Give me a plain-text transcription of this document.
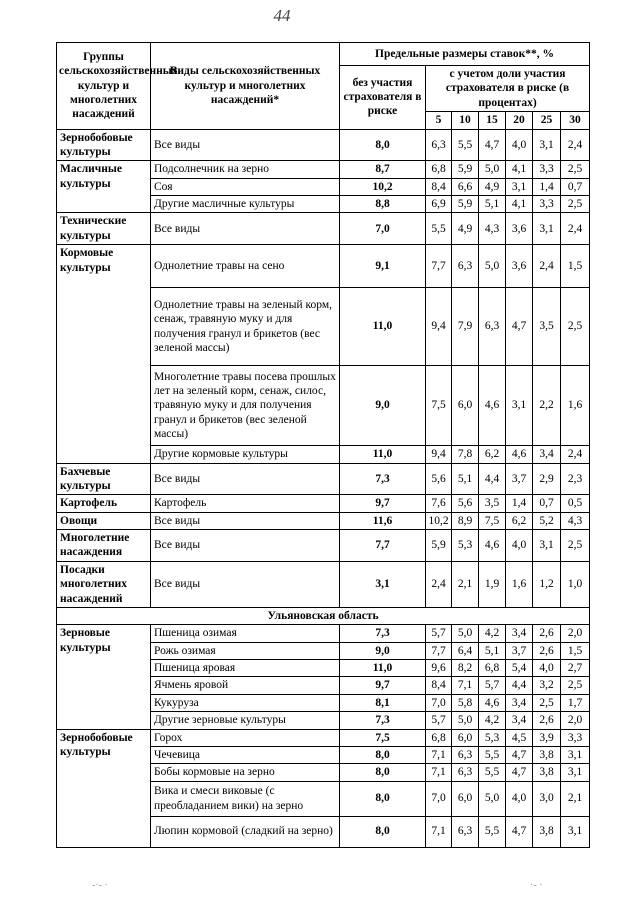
44
Группы сельскохозяйственных культур и многолетних насаждений	Виды сельскохозяйственных культур и многолетних насаждений*	Предельные размеры ставок**, %						
		без участия страхователя в риске	с учетом доли участия страхователя в риске (в процентах)					
			5	10	15	20	25	30
Зернобобовые культуры	Все виды	8,0	6,3	5,5	4,7	4,0	3,1	2,4
Масличные культуры	Подсолнечник на зерно	8,7	6,8	5,9	5,0	4,1	3,3	2,5
	Соя	10,2	8,4	6,6	4,9	3,1	1,4	0,7
	Другие масличные культуры	8,8	6,9	5,9	5,1	4,1	3,3	2,5
Технические культуры	Все виды	7,0	5,5	4,9	4,3	3,6	3,1	2,4
Кормовые культуры	Однолетние травы на сено	9,1	7,7	6,3	5,0	3,6	2,4	1,5
	Однолетние травы на зеленый корм, сенаж, травяную муку и для получения гранул и брикетов (вес зеленой массы)	11,0	9,4	7,9	6,3	4,7	3,5	2,5
	Многолетние травы посева прошлых лет на зеленый корм, сенаж, силос, травяную муку и для получения гранул и брикетов (вес зеленой массы)	9,0	7,5	6,0	4,6	3,1	2,2	1,6
	Другие кормовые культуры	11,0	9,4	7,8	6,2	4,6	3,4	2,4
Бахчевые культуры	Все виды	7,3	5,6	5,1	4,4	3,7	2,9	2,3
Картофель	Картофель	9,7	7,6	5,6	3,5	1,4	0,7	0,5
Овощи	Все виды	11,6	10,2	8,9	7,5	6,2	5,2	4,3
Многолетние насаждения	Все виды	7,7	5,9	5,3	4,6	4,0	3,1	2,5
Посадки многолетних насаждений	Все виды	3,1	2,4	2,1	1,9	1,6	1,2	1,0
Ульяновская область								
Зерновые культуры	Пшеница озимая	7,3	5,7	5,0	4,2	3,4	2,6	2,0
	Рожь озимая	9,0	7,7	6,4	5,1	3,7	2,6	1,5
	Пшеница яровая	11,0	9,6	8,2	6,8	5,4	4,0	2,7
	Ячмень яровой	9,7	8,4	7,1	5,7	4,4	3,2	2,5
	Кукуруза	8,1	7,0	5,8	4,6	3,4	2,5	1,7
	Другие зерновые культуры	7,3	5,7	5,0	4,2	3,4	2,6	2,0
Зернобобовые культуры	Горох	7,5	6,8	6,0	5,3	4,5	3,9	3,3
	Чечевица	8,0	7,1	6,3	5,5	4,7	3,8	3,1
	Бобы кормовые на зерно	8,0	7,1	6,3	5,5	4,7	3,8	3,1
	Вика и смеси виковые (с преобладанием вики) на зерно	8,0	7,0	6,0	5,0	4,0	3,0	2,1
	Люпин кормовой (сладкий на зерно)	8,0	7,1	6,3	5,5	4,7	3,8	3,1
-·- ·	·- ·
